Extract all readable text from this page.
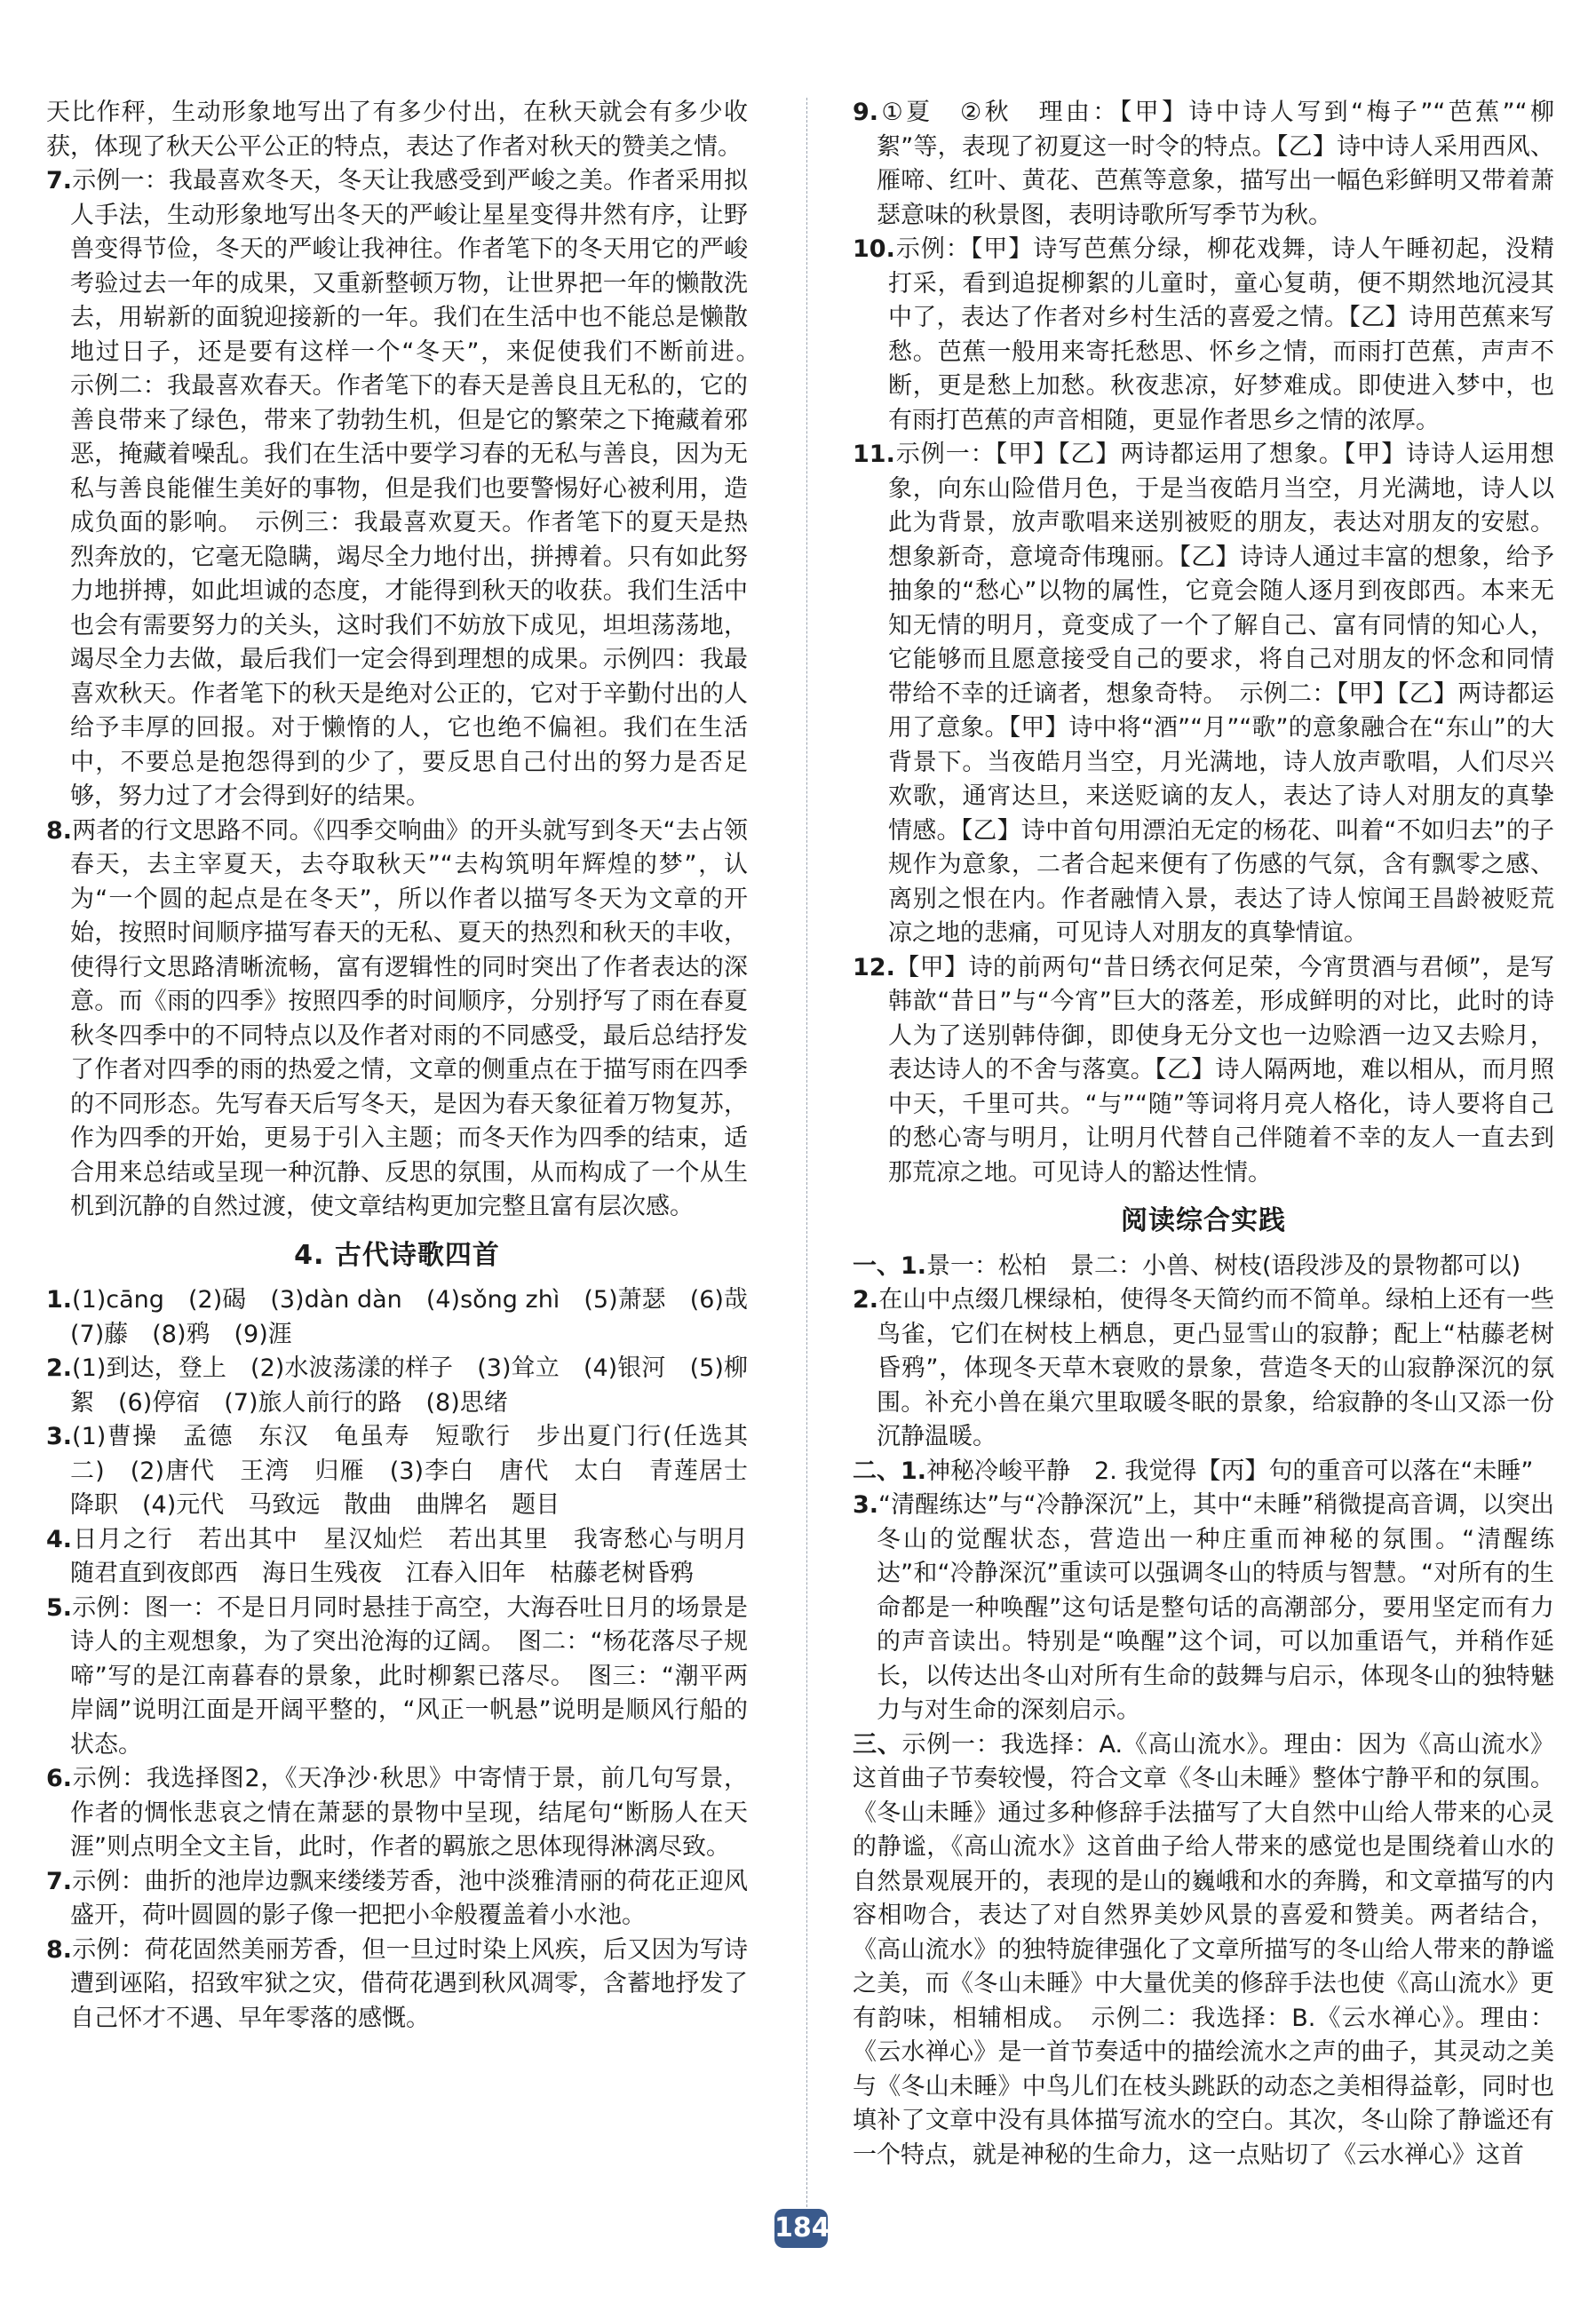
天比作秤，生动形象地写出了有多少付出，在秋天就会有多少收获，体现了秋天公平公正的特点，表达了作者对秋天的赞美之情。

7.示例一：我最喜欢冬天，冬天让我感受到严峻之美。作者采用拟人手法，生动形象地写出冬天的严峻让星星变得井然有序，让野兽变得节俭，冬天的严峻让我神往。作者笔下的冬天用它的严峻考验过去一年的成果，又重新整顿万物，让世界把一年的懒散洗去，用崭新的面貌迎接新的一年。我们在生活中也不能总是懒散地过日子，还是要有这样一个“冬天”，来促使我们不断前进。　示例二：我最喜欢春天。作者笔下的春天是善良且无私的，它的善良带来了绿色，带来了勃勃生机，但是它的繁荣之下掩藏着邪恶，掩藏着噪乱。我们在生活中要学习春的无私与善良，因为无私与善良能催生美好的事物，但是我们也要警惕好心被利用，造成负面的影响。　示例三：我最喜欢夏天。作者笔下的夏天是热烈奔放的，它毫无隐瞒，竭尽全力地付出，拼搏着。只有如此努力地拼搏，如此坦诚的态度，才能得到秋天的收获。我们生活中也会有需要努力的关头，这时我们不妨放下成见，坦坦荡荡地，竭尽全力去做，最后我们一定会得到理想的成果。示例四：我最喜欢秋天。作者笔下的秋天是绝对公正的，它对于辛勤付出的人给予丰厚的回报。对于懒惰的人，它也绝不偏袒。我们在生活中，不要总是抱怨得到的少了，要反思自己付出的努力是否足够，努力过了才会得到好的结果。

8.两者的行文思路不同。《四季交响曲》的开头就写到冬天“去占领春天，去主宰夏天，去夺取秋天”“去构筑明年辉煌的梦”，认为“一个圆的起点是在冬天”，所以作者以描写冬天为文章的开始，按照时间顺序描写春天的无私、夏天的热烈和秋天的丰收，使得行文思路清晰流畅，富有逻辑性的同时突出了作者表达的深意。而《雨的四季》按照四季的时间顺序，分别抒写了雨在春夏秋冬四季中的不同特点以及作者对雨的不同感受，最后总结抒发了作者对四季的雨的热爱之情，文章的侧重点在于描写雨在四季的不同形态。先写春天后写冬天，是因为春天象征着万物复苏，作为四季的开始，更易于引入主题；而冬天作为四季的结束，适合用来总结或呈现一种沉静、反思的氛围，从而构成了一个从生机到沉静的自然过渡，使文章结构更加完整且富有层次感。

4. 古代诗歌四首

1.(1)cāng　(2)碣　(3)dàn dàn　(4)sǒng zhì　(5)萧瑟　(6)哉　(7)藤　(8)鸦　(9)涯

2.(1)到达，登上　(2)水波荡漾的样子　(3)耸立　(4)银河　(5)柳絮　(6)停宿　(7)旅人前行的路　(8)思绪

3.(1)曹操　孟德　东汉　龟虽寿　短歌行　步出夏门行(任选其二)　(2)唐代　王湾　归雁　(3)李白　唐代　太白　青莲居士　降职　(4)元代　马致远　散曲　曲牌名　题目

4.日月之行　若出其中　星汉灿烂　若出其里　我寄愁心与明月　随君直到夜郎西　海日生残夜　江春入旧年　枯藤老树昏鸦

5.示例：图一：不是日月同时悬挂于高空，大海吞吐日月的场景是诗人的主观想象，为了突出沧海的辽阔。　图二：“杨花落尽子规啼”写的是江南暮春的景象，此时柳絮已落尽。　图三：“潮平两岸阔”说明江面是开阔平整的，“风正一帆悬”说明是顺风行船的状态。

6.示例：我选择图2，《天净沙·秋思》中寄情于景，前几句写景，作者的惆怅悲哀之情在萧瑟的景物中呈现，结尾句“断肠人在天涯”则点明全文主旨，此时，作者的羁旅之思体现得淋漓尽致。

7.示例：曲折的池岸边飘来缕缕芳香，池中淡雅清丽的荷花正迎风盛开，荷叶圆圆的影子像一把把小伞般覆盖着小水池。

8.示例：荷花固然美丽芳香，但一旦过时染上风疾，后又因为写诗遭到诬陷，招致牢狱之灾，借荷花遇到秋风凋零，含蓄地抒发了自己怀才不遇、早年零落的感慨。

9.①夏　②秋　理由：【甲】诗中诗人写到“梅子”“芭蕉”“柳絮”等，表现了初夏这一时令的特点。【乙】诗中诗人采用西风、雁啼、红叶、黄花、芭蕉等意象，描写出一幅色彩鲜明又带着萧瑟意味的秋景图，表明诗歌所写季节为秋。

10.示例：【甲】诗写芭蕉分绿，柳花戏舞，诗人午睡初起，没精打采，看到追捉柳絮的儿童时，童心复萌，便不期然地沉浸其中了，表达了作者对乡村生活的喜爱之情。【乙】诗用芭蕉来写愁。芭蕉一般用来寄托愁思、怀乡之情，而雨打芭蕉，声声不断，更是愁上加愁。秋夜悲凉，好梦难成。即使进入梦中，也有雨打芭蕉的声音相随，更显作者思乡之情的浓厚。

11.示例一：【甲】【乙】两诗都运用了想象。【甲】诗诗人运用想象，向东山险借月色，于是当夜皓月当空，月光满地，诗人以此为背景，放声歌唱来送别被贬的朋友，表达对朋友的安慰。想象新奇，意境奇伟瑰丽。【乙】诗诗人通过丰富的想象，给予抽象的“愁心”以物的属性，它竟会随人逐月到夜郎西。本来无知无情的明月，竟变成了一个了解自己、富有同情的知心人，它能够而且愿意接受自己的要求，将自己对朋友的怀念和同情带给不幸的迁谪者，想象奇特。　示例二：【甲】【乙】两诗都运用了意象。【甲】诗中将“酒”“月”“歌”的意象融合在“东山”的大背景下。当夜皓月当空，月光满地，诗人放声歌唱，人们尽兴欢歌，通宵达旦，来送贬谪的友人，表达了诗人对朋友的真挚情感。【乙】诗中首句用漂泊无定的杨花、叫着“不如归去”的子规作为意象，二者合起来便有了伤感的气氛，含有飘零之感、离别之恨在内。作者融情入景，表达了诗人惊闻王昌龄被贬荒凉之地的悲痛，可见诗人对朋友的真挚情谊。

12.【甲】诗的前两句“昔日绣衣何足荣，今宵贯酒与君倾”，是写韩歆“昔日”与“今宵”巨大的落差，形成鲜明的对比，此时的诗人为了送别韩侍御，即使身无分文也一边赊酒一边又去赊月，表达诗人的不舍与落寞。【乙】诗人隔两地，难以相从，而月照中天，千里可共。“与”“随”等词将月亮人格化，诗人要将自己的愁心寄与明月，让明月代替自己伴随着不幸的友人一直去到那荒凉之地。可见诗人的豁达性情。

阅读综合实践

一、1.景一：松柏　景二：小兽、树枝(语段涉及的景物都可以)

2.在山中点缀几棵绿柏，使得冬天简约而不简单。绿柏上还有一些鸟雀，它们在树枝上栖息，更凸显雪山的寂静；配上“枯藤老树昏鸦”，体现冬天草木衰败的景象，营造冬天的山寂静深沉的氛围。补充小兽在巢穴里取暖冬眠的景象，给寂静的冬山又添一份沉静温暖。

二、1.神秘冷峻平静　2. 我觉得【丙】句的重音可以落在“未睡”

3.“清醒练达”与“冷静深沉”上，其中“未睡”稍微提高音调，以突出冬山的觉醒状态，营造出一种庄重而神秘的氛围。“清醒练达”和“冷静深沉”重读可以强调冬山的特质与智慧。“对所有的生命都是一种唤醒”这句话是整句话的高潮部分，要用坚定而有力的声音读出。特别是“唤醒”这个词，可以加重语气，并稍作延长，以传达出冬山对所有生命的鼓舞与启示，体现冬山的独特魅力与对生命的深刻启示。

三、示例一：我选择：A.《高山流水》。理由：因为《高山流水》这首曲子节奏较慢，符合文章《冬山未睡》整体宁静平和的氛围。《冬山未睡》通过多种修辞手法描写了大自然中山给人带来的心灵的静谧，《高山流水》这首曲子给人带来的感觉也是围绕着山水的自然景观展开的，表现的是山的巍峨和水的奔腾，和文章描写的内容相吻合，表达了对自然界美妙风景的喜爱和赞美。两者结合，《高山流水》的独特旋律强化了文章所描写的冬山给人带来的静谧之美，而《冬山未睡》中大量优美的修辞手法也使《高山流水》更有韵味，相辅相成。　示例二：我选择：B.《云水禅心》。理由：《云水禅心》是一首节奏适中的描绘流水之声的曲子，其灵动之美与《冬山未睡》中鸟儿们在枝头跳跃的动态之美相得益彰，同时也填补了文章中没有具体描写流水的空白。其次，冬山除了静谧还有一个特点，就是神秘的生命力，这一点贴切了《云水禅心》这首

184
